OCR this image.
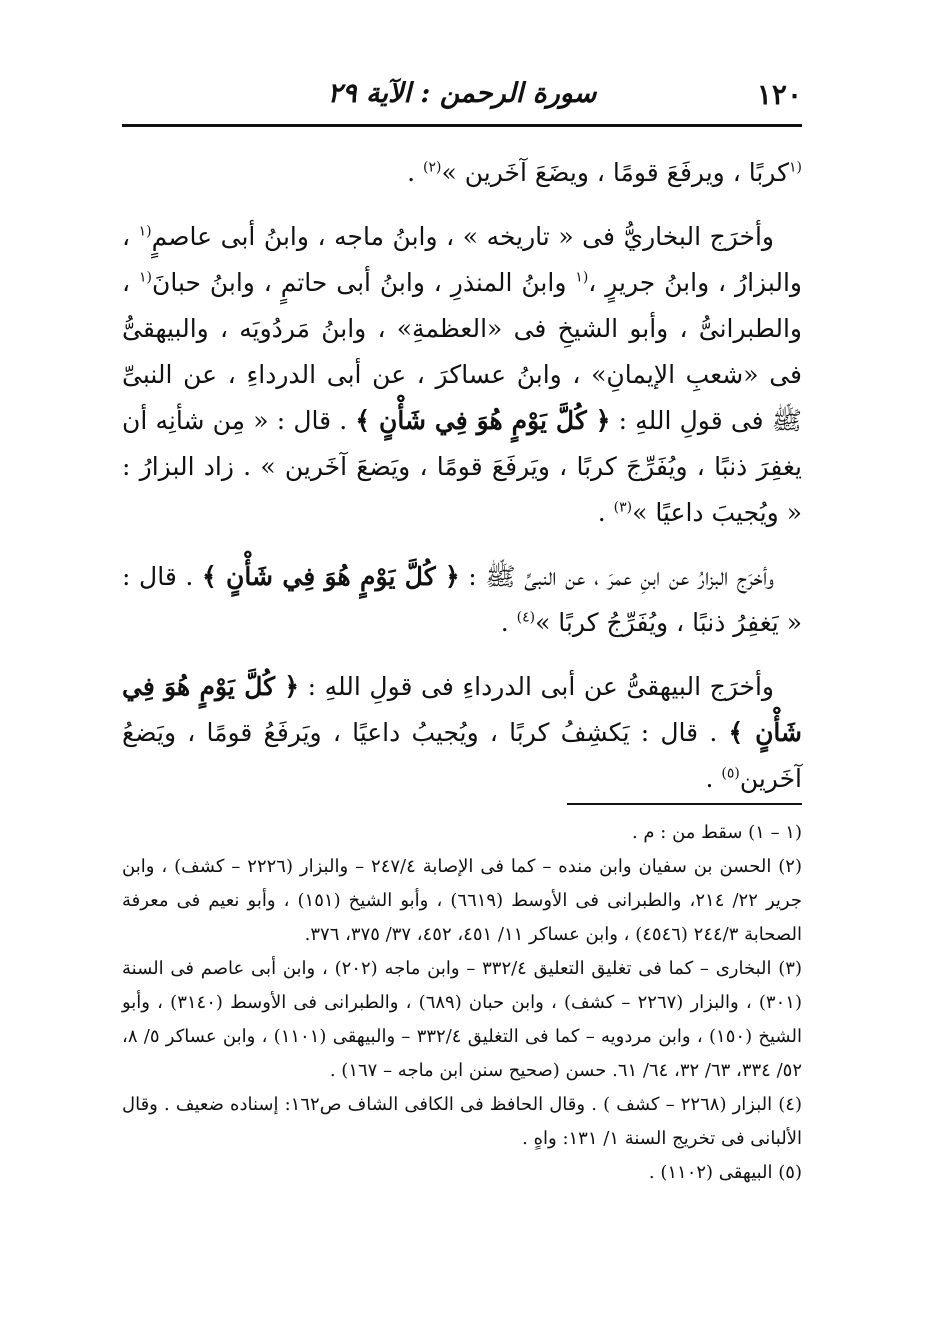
١٢٠
سورة الرحمن : الآية ٢٩

$^{(١}$كربًا ، ويرفَعَ قومًا ، ويضَعَ آخَرين »$^{(٢)}$ .

وأخرَج البخاريُّ فى « تاريخه » ، وابنُ ماجه ، وابنُ أبى عاصمٍ$^{(١}$ ، والبزارُ ، وابنُ جريرٍ ،$^{(١}$ وابنُ المنذرِ ، وابنُ أبى حاتمٍ ، وابنُ حبانَ$^{(١}$ ، والطبرانىُّ ، وأبو الشيخِ فى «العظمةِ» ، وابنُ مَردُويَه ، والبيهقىُّ فى «شعبِ الإيمانِ» ، وابنُ عساكرَ ، عن أبى الدرداءِ ، عن النبىِّ ﷺ فى قولِ اللهِ : ﴿ كُلَّ يَوْمٍ هُوَ فِي شَأْنٍ ﴾ . قال : « مِن شأنِه أن يغفِرَ ذنبًا ، ويُفَرِّجَ كربًا ، ويَرفَعَ قومًا ، ويَضعَ آخَرين » . زاد البزارُ : « ويُجيبَ داعيًا »$^{(٣)}$ .

وأخرَج البزارُ عن ابنِ عمرَ ، عن النبىِّ ﷺ : ﴿ كُلَّ يَوْمٍ هُوَ فِي شَأْنٍ ﴾ . قال : « يَغفِرُ ذنبًا ، ويُفَرِّجُ كربًا »$^{(٤)}$ .

وأخرَج البيهقىُّ عن أبى الدرداءِ فى قولِ اللهِ : ﴿ كُلَّ يَوْمٍ هُوَ فِي شَأْنٍ ﴾ . قال : يَكشِفُ كربًا ، ويُجيبُ داعيًا ، ويَرفَعُ قومًا ، ويَضعُ آخَرين$^{(٥)}$ .

(١ – ١) سقط من : م .

(٢) الحسن بن سفيان وابن منده – كما فى الإصابة ٢٤٧/٤ – والبزار (٢٢٢٦ – كشف) ، وابن جرير ٢٢/ ٢١٤، والطبرانى فى الأوسط (٦٦١٩) ، وأبو الشيخ (١٥١) ، وأبو نعيم فى معرفة الصحابة ٢٤٤/٣ (٤٥٤٦) ، وابن عساكر ١١/ ٤٥١، ٤٥٢، ٣٧/ ٣٧٥، ٣٧٦.

(٣) البخارى – كما فى تغليق التعليق ٣٣٢/٤ – وابن ماجه (٢٠٢) ، وابن أبى عاصم فى السنة (٣٠١) ، والبزار (٢٢٦٧ – كشف) ، وابن حبان (٦٨٩) ، والطبرانى فى الأوسط (٣١٤٠) ، وأبو الشيخ (١٥٠) ، وابن مردويه – كما فى التغليق ٣٣٢/٤ – والبيهقى (١١٠١) ، وابن عساكر ٥/ ٨، ٥٢/ ٣٣٤، ٦٣/ ٣٢، ٦٤/ ٦١. حسن (صحيح سنن ابن ماجه – ١٦٧) .

(٤) البزار (٢٢٦٨ – كشف ) . وقال الحافظ فى الكافى الشاف ص١٦٢: إسناده ضعيف . وقال الألبانى فى تخريج السنة ١/ ١٣١: واهٍ .

(٥) البيهقى (١١٠٢) .
